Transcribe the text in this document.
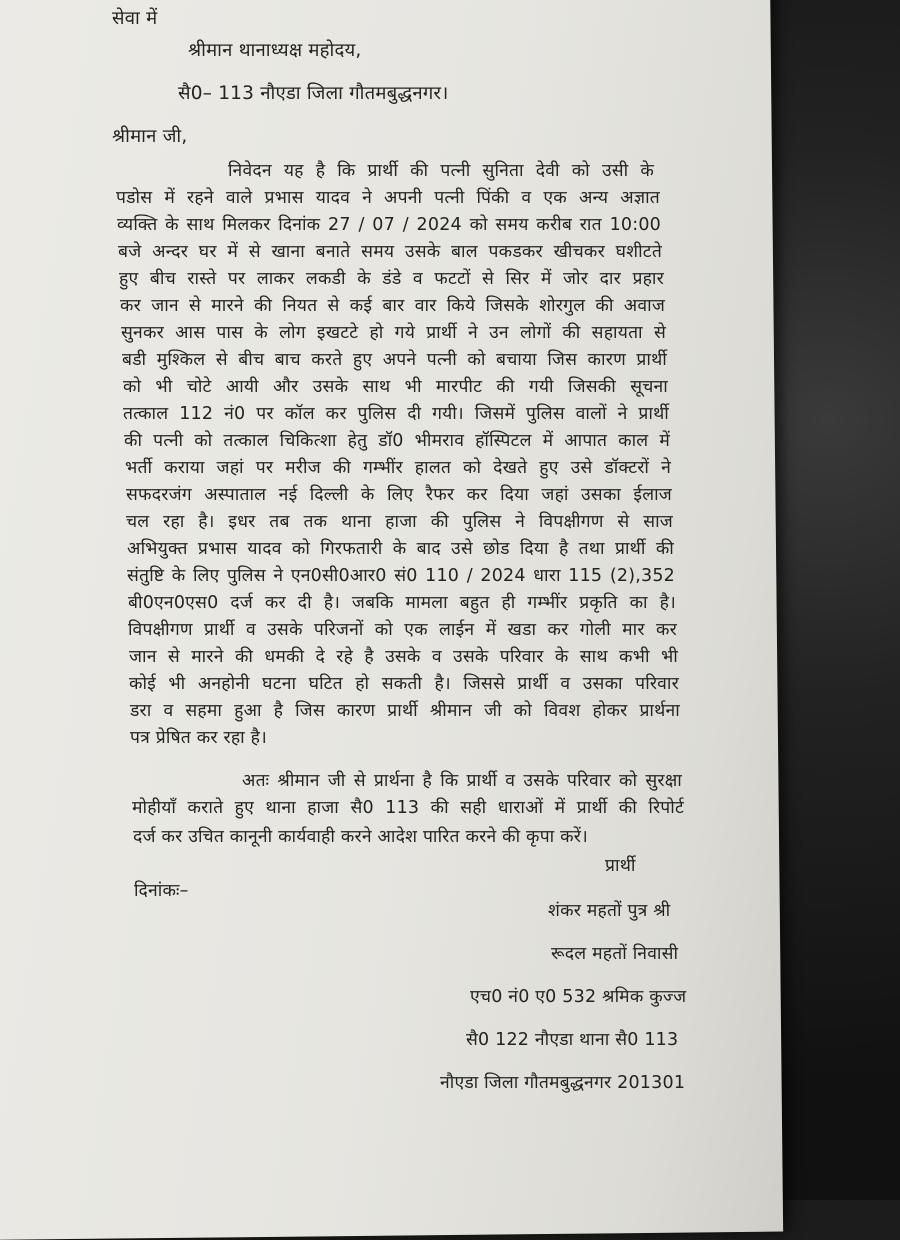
सेवा में
श्रीमान थानाध्यक्ष महोदय,
सै0– 113 नौएडा जिला गौतमबुद्धनगर।
श्रीमान जी,
निवेदन यह है कि प्रार्थी की पत्नी सुनिता देवी को उसी के
पडोस में रहने वाले प्रभास यादव ने अपनी पत्नी पिंकी व एक अन्य अज्ञात
व्यक्ति के साथ मिलकर दिनांक 27 / 07 / 2024 को समय करीब रात 10:00
बजे अन्दर घर में से खाना बनाते समय उसके बाल पकडकर खीचकर घशीटते
हुए बीच रास्ते पर लाकर लकडी के डंडे व फटटों से सिर में जोर दार प्रहार
कर जान से मारने की नियत से कई बार वार किये जिसके शोरगुल की अवाज
सुनकर आस पास के लोग इखटटे हो गये प्रार्थी ने उन लोगों की सहायता से
बडी मुश्किल से बीच बाच करते हुए अपने पत्नी को बचाया जिस कारण प्रार्थी
को भी चोटे आयी और उसके साथ भी मारपीट की गयी जिसकी सूचना
तत्काल 112 नं0 पर कॉल कर पुलिस दी गयी। जिसमें पुलिस वालों ने प्रार्थी
की पत्नी को तत्काल चिकित्शा हेतु डॉ0 भीमराव हॉस्पिटल में आपात काल में
भर्ती कराया जहां पर मरीज की गम्भींर हालत को देखते हुए उसे डॉक्टरों ने
सफदरजंग अस्पाताल नई दिल्ली के लिए रैफर कर दिया जहां उसका ईलाज
चल रहा है। इधर तब तक थाना हाजा की पुलिस ने विपक्षीगण से साज
अभियुक्त प्रभास यादव को गिरफतारी के बाद उसे छोड दिया है तथा प्रार्थी की
संतुष्टि के लिए पुलिस ने एन0सी0आर0 सं0 110 / 2024 धारा 115 (2),352
बी0एन0एस0 दर्ज कर दी है। जबकि मामला बहुत ही गम्भींर प्रकृति का है।
विपक्षीगण प्रार्थी व उसके परिजनों को एक लाईन में खडा कर गोली मार कर
जान से मारने की धमकी दे रहे है उसके व उसके परिवार के साथ कभी भी
कोई भी अनहोनी घटना घटित हो सकती है। जिससे प्रार्थी व उसका परिवार
डरा व सहमा हुआ है जिस कारण प्रार्थी श्रीमान जी को विवश होकर प्रार्थना
पत्र प्रेषित कर रहा है।
अतः श्रीमान जी से प्रार्थना है कि प्रार्थी व उसके परिवार को सुरक्षा
मोहीयॉं कराते हुए थाना हाजा सै0 113 की सही धाराओं में प्रार्थी की रिपोर्ट
दर्ज कर उचित कानूनी कार्यवाही करने आदेश पारित करने की कृपा करें।
प्रार्थी
दिनांकः–
शंकर महतों पुत्र श्री
रूदल महतों निवासी
एच0 नं0 ए0 532 श्रमिक कुज्ज
सै0 122 नौएडा थाना सै0 113
नौएडा जिला गौतमबुद्धनगर 201301
